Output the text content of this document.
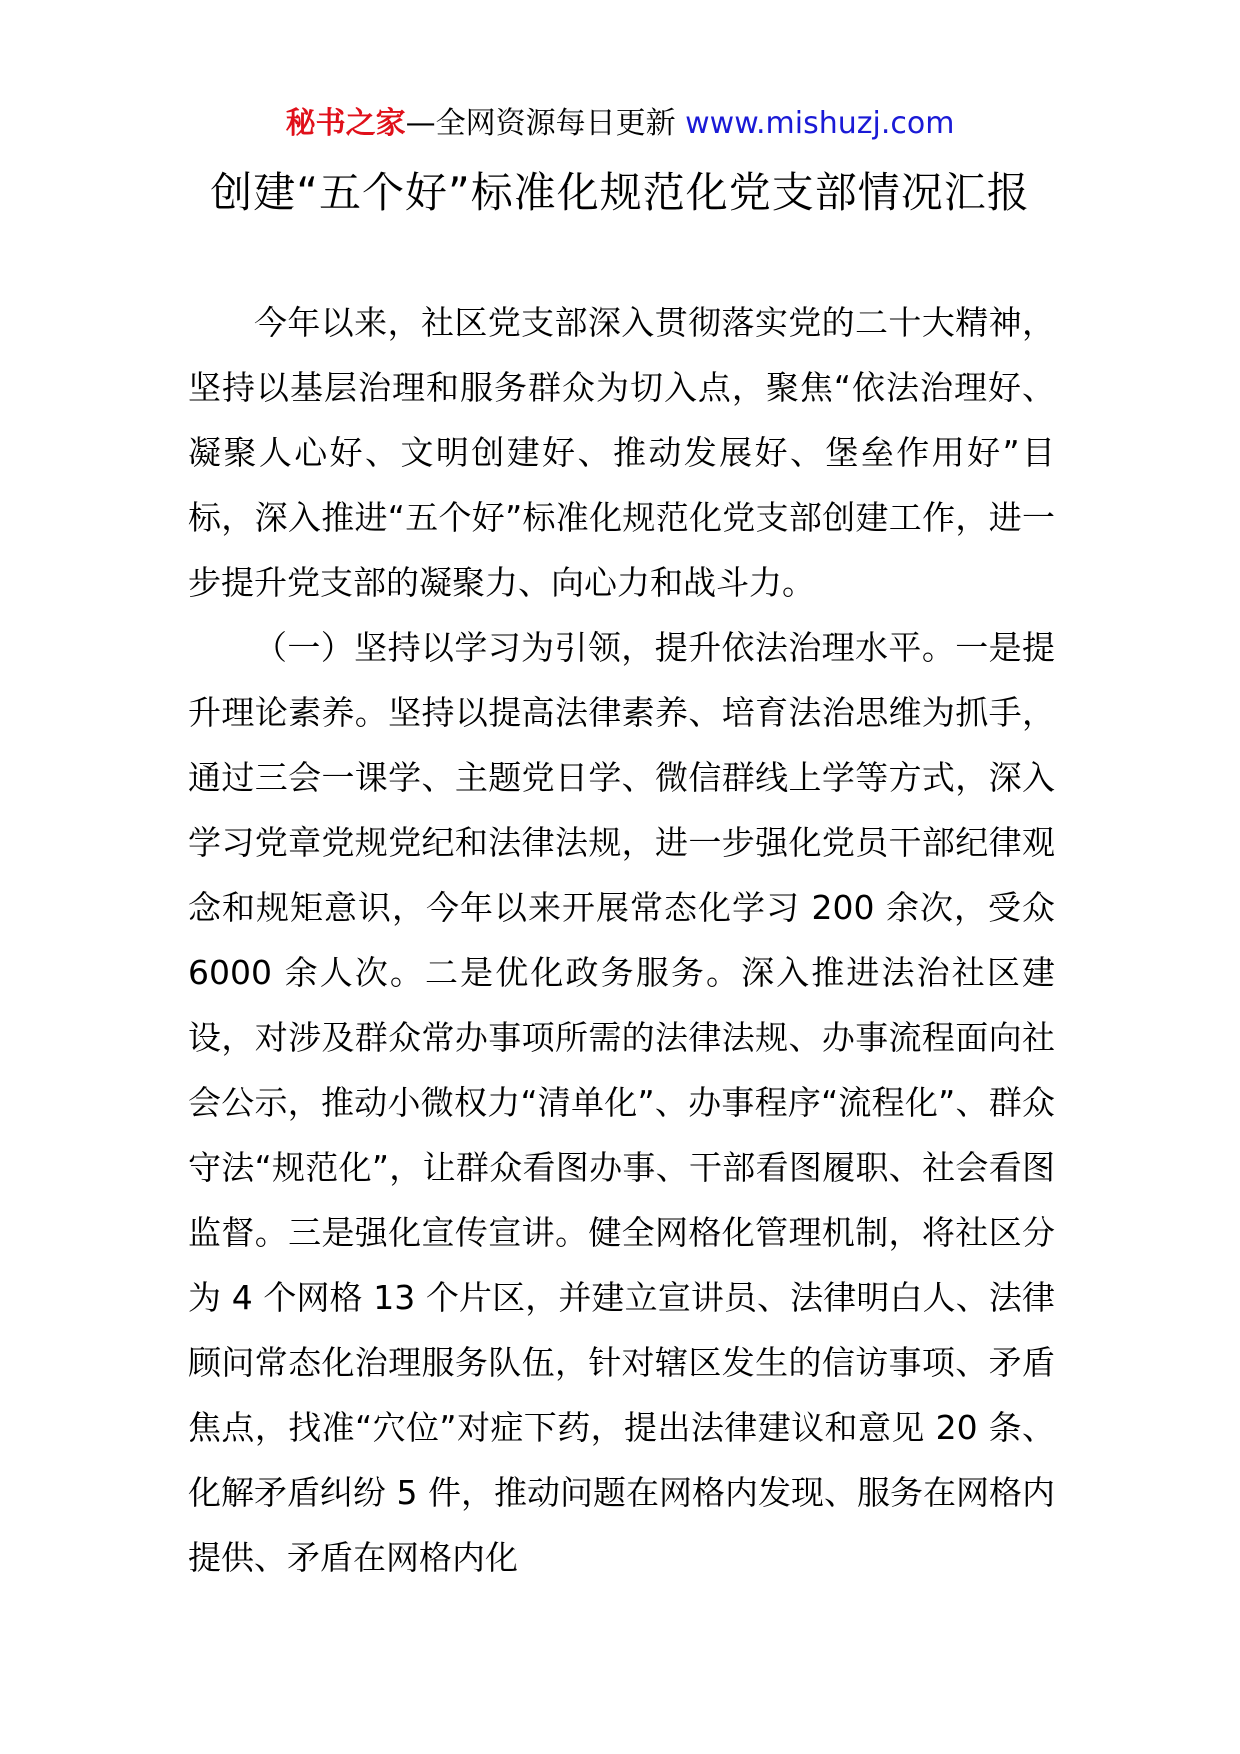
秘书之家—全网资源每日更新 www.mishuzj.com
创建“五个好”标准化规范化党支部情况汇报

今年以来，社区党支部深入贯彻落实党的二十大精神，坚持以基层治理和服务群众为切入点，聚焦“依法治理好、凝聚人心好、文明创建好、推动发展好、堡垒作用好”目标，深入推进“五个好”标准化规范化党支部创建工作，进一步提升党支部的凝聚力、向心力和战斗力。

（一）坚持以学习为引领，提升依法治理水平。一是提升理论素养。坚持以提高法律素养、培育法治思维为抓手，通过三会一课学、主题党日学、微信群线上学等方式，深入学习党章党规党纪和法律法规，进一步强化党员干部纪律观念和规矩意识，今年以来开展常态化学习 200 余次，受众 6000 余人次。二是优化政务服务。深入推进法治社区建设，对涉及群众常办事项所需的法律法规、办事流程面向社会公示，推动小微权力“清单化”、办事程序“流程化”、群众守法“规范化”，让群众看图办事、干部看图履职、社会看图监督。三是强化宣传宣讲。健全网格化管理机制，将社区分为 4 个网格 13 个片区，并建立宣讲员、法律明白人、法律顾问常态化治理服务队伍，针对辖区发生的信访事项、矛盾焦点，找准“穴位”对症下药，提出法律建议和意见 20 条、化解矛盾纠纷 5 件，推动问题在网格内发现、服务在网格内提供、矛盾在网格内化
